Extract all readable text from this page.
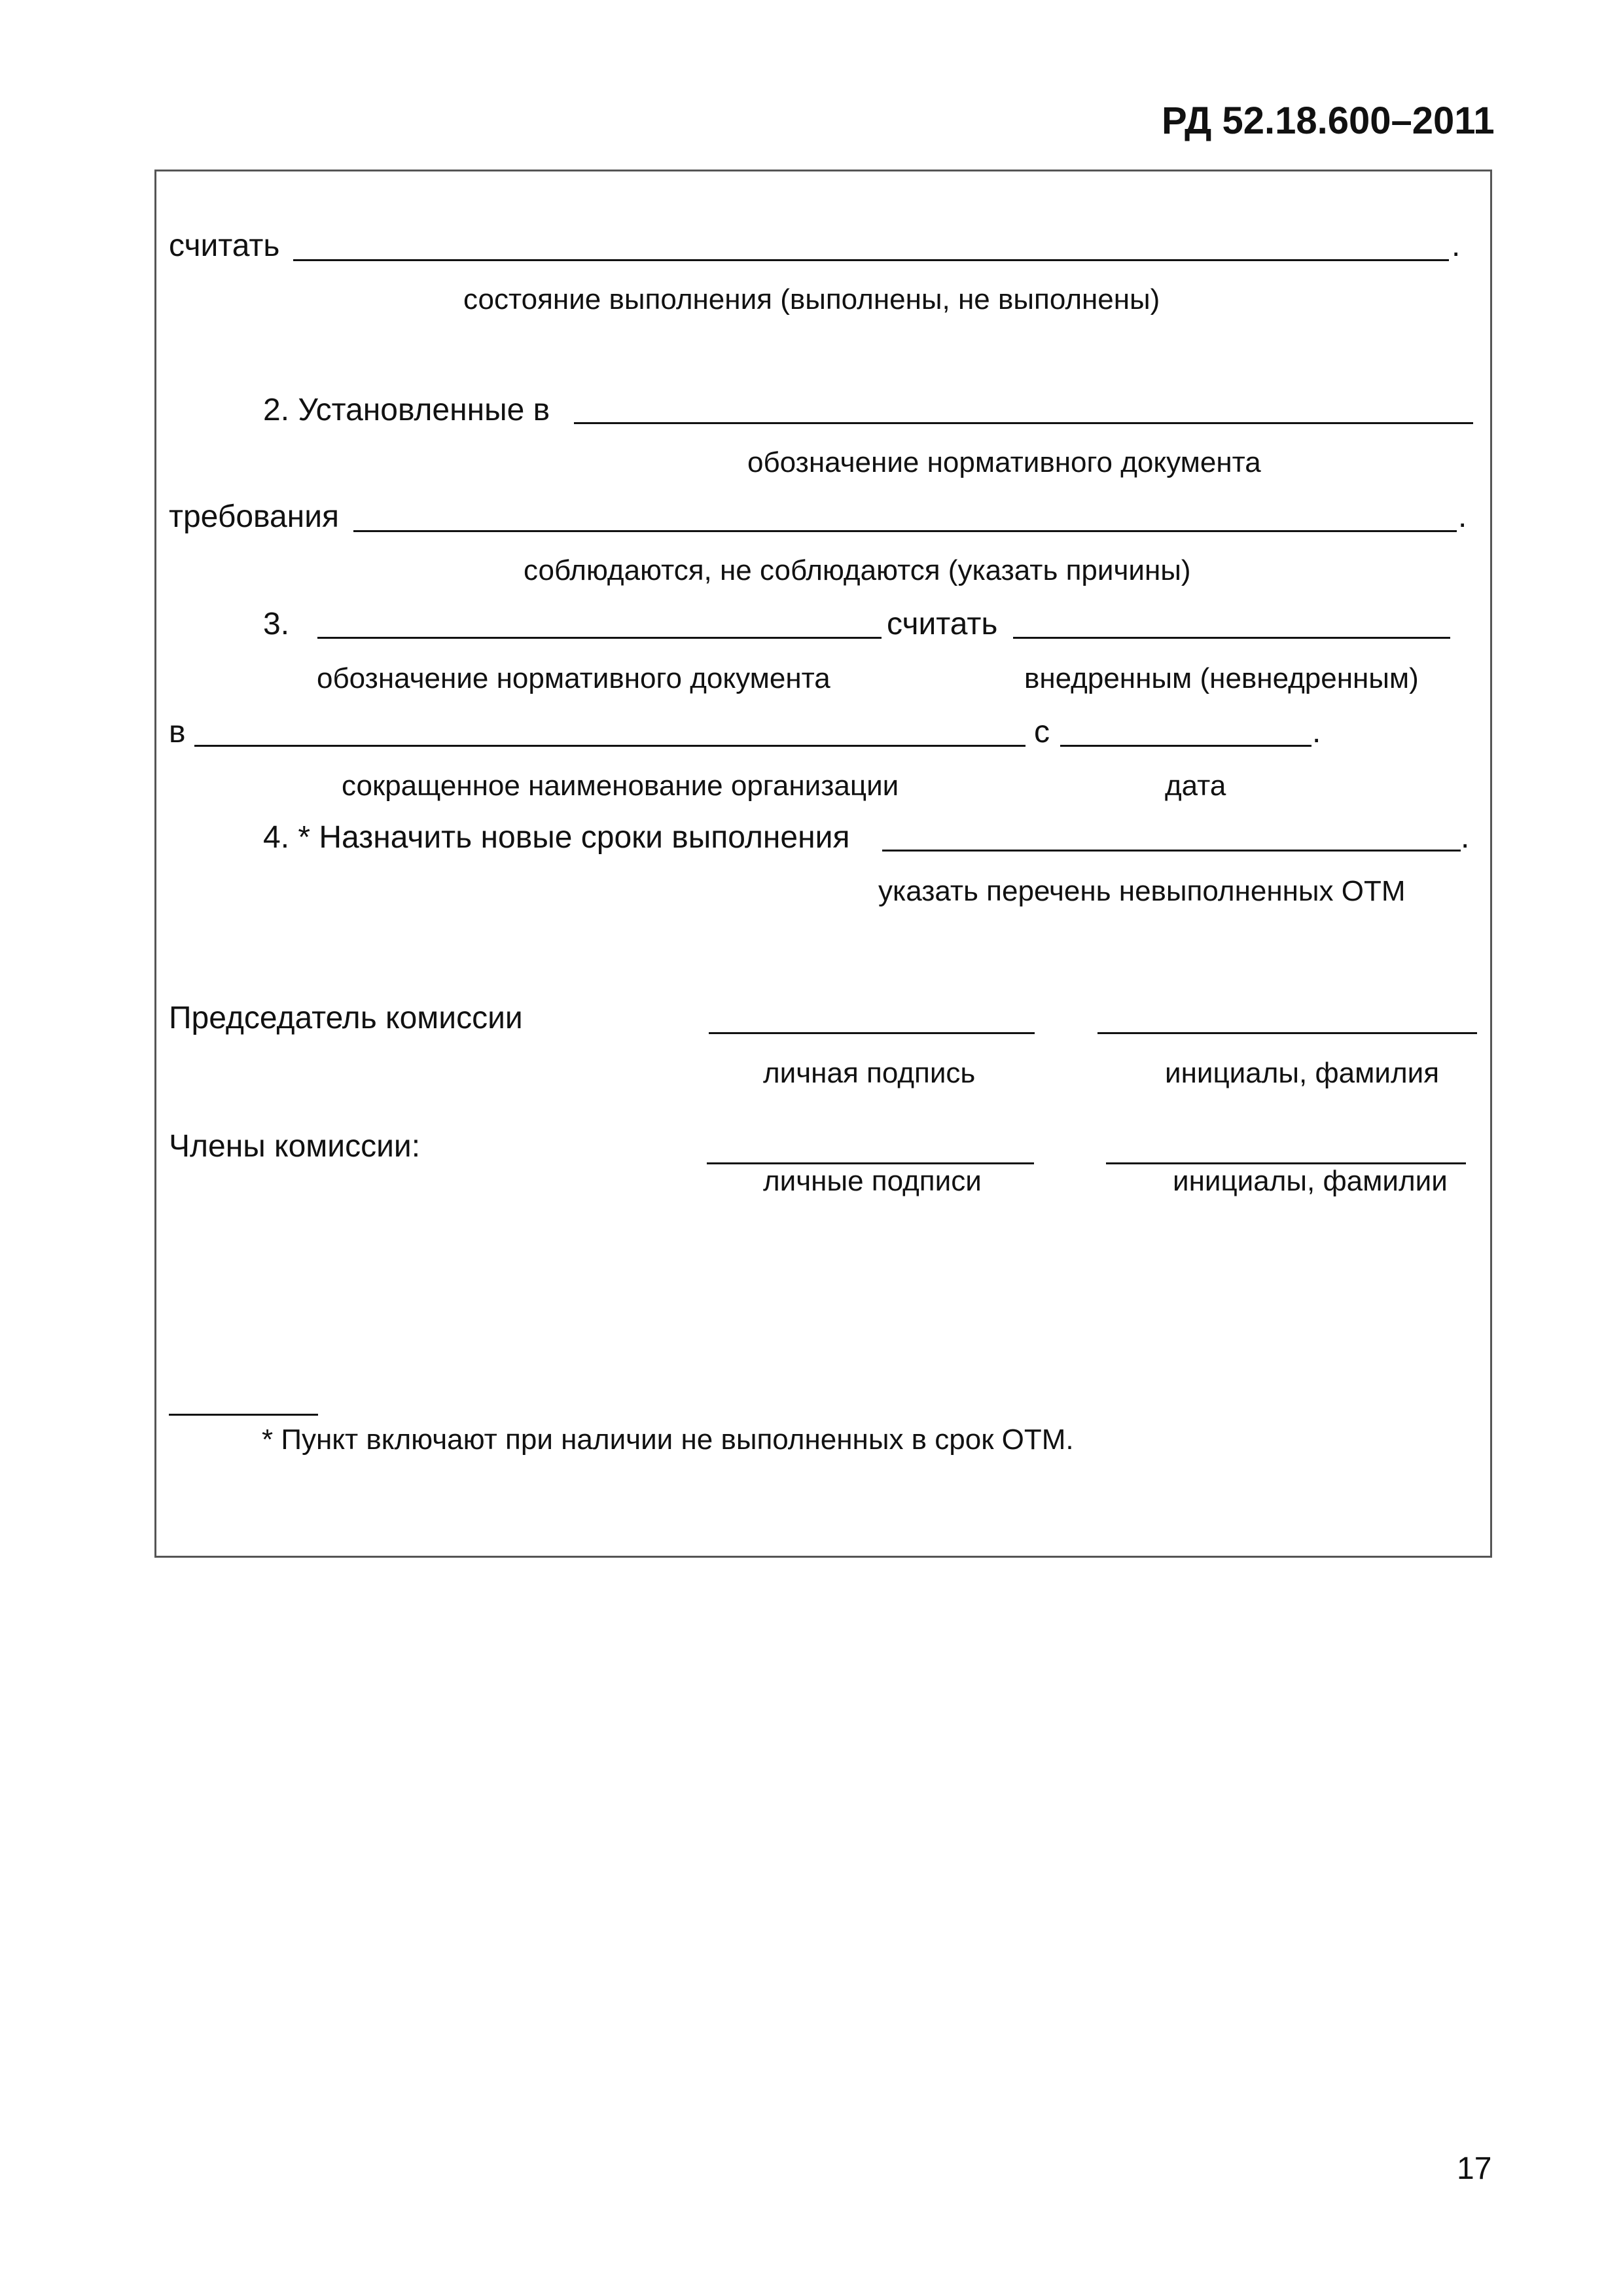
РД 52.18.600–2011
считать	.
состояние выполнения (выполнены, не выполнены)
2. Установленные в
обозначение нормативного документа
требования	.
соблюдаются, не соблюдаются (указать причины)
3.	считать
обозначение нормативного документа	внедренным (невнедренным)
в	с	.
сокращенное наименование организации	дата
4. * Назначить новые сроки выполнения	.
указать перечень невыполненных ОТМ
Председатель комиссии
личная подпись	инициалы, фамилия
Члены комиссии:
личные подписи	инициалы, фамилии
* Пункт включают при наличии не выполненных в срок ОТМ.
17
